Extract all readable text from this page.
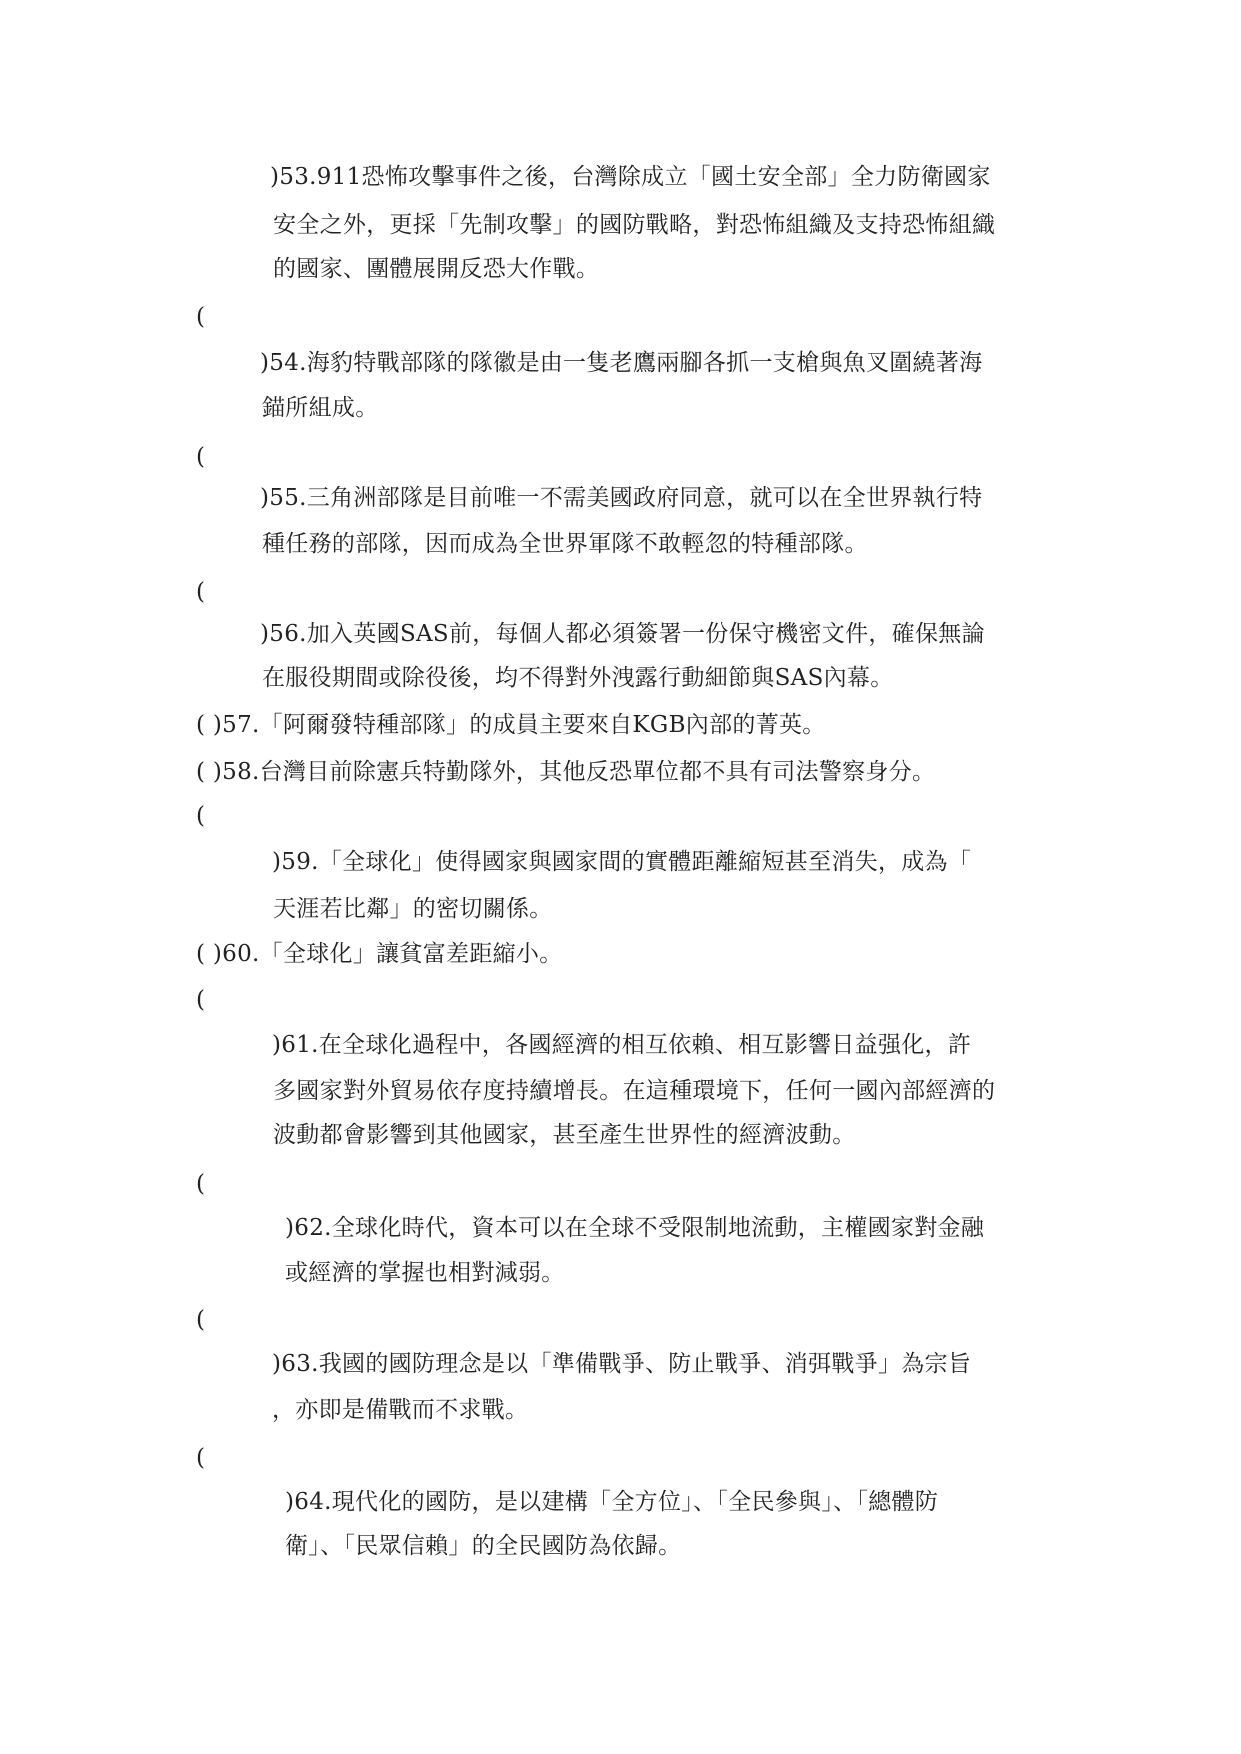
)53.911恐怖攻擊事件之後，台灣除成立「國土安全部」全力防衛國家
安全之外，更採「先制攻擊」的國防戰略，對恐怖組織及支持恐怖組織
的國家、團體展開反恐大作戰。
(
)54.海豹特戰部隊的隊徽是由一隻老鷹兩腳各抓一支槍與魚叉圍繞著海
錨所組成。
(
)55.三角洲部隊是目前唯一不需美國政府同意，就可以在全世界執行特
種任務的部隊，因而成為全世界軍隊不敢輕忽的特種部隊。
(
)56.加入英國SAS前，每個人都必須簽署一份保守機密文件，確保無論
在服役期間或除役後，均不得對外洩露行動細節與SAS內幕。
( )57.「阿爾發特種部隊」的成員主要來自KGB內部的菁英。
( )58.台灣目前除憲兵特勤隊外，其他反恐單位都不具有司法警察身分。
(
)59.「全球化」使得國家與國家間的實體距離縮短甚至消失，成為「
天涯若比鄰」的密切關係。
( )60.「全球化」讓貧富差距縮小。
(
)61.在全球化過程中，各國經濟的相互依賴、相互影響日益强化，許
多國家對外貿易依存度持續增長。在這種環境下，任何一國內部經濟的
波動都會影響到其他國家，甚至產生世界性的經濟波動。
(
)62.全球化時代，資本可以在全球不受限制地流動，主權國家對金融
或經濟的掌握也相對減弱。
(
)63.我國的國防理念是以「準備戰爭、防止戰爭、消弭戰爭」為宗旨
，亦即是備戰而不求戰。
(
)64.現代化的國防，是以建構「全方位」、「全民參與」、「總體防
衛」、「民眾信賴」的全民國防為依歸。
